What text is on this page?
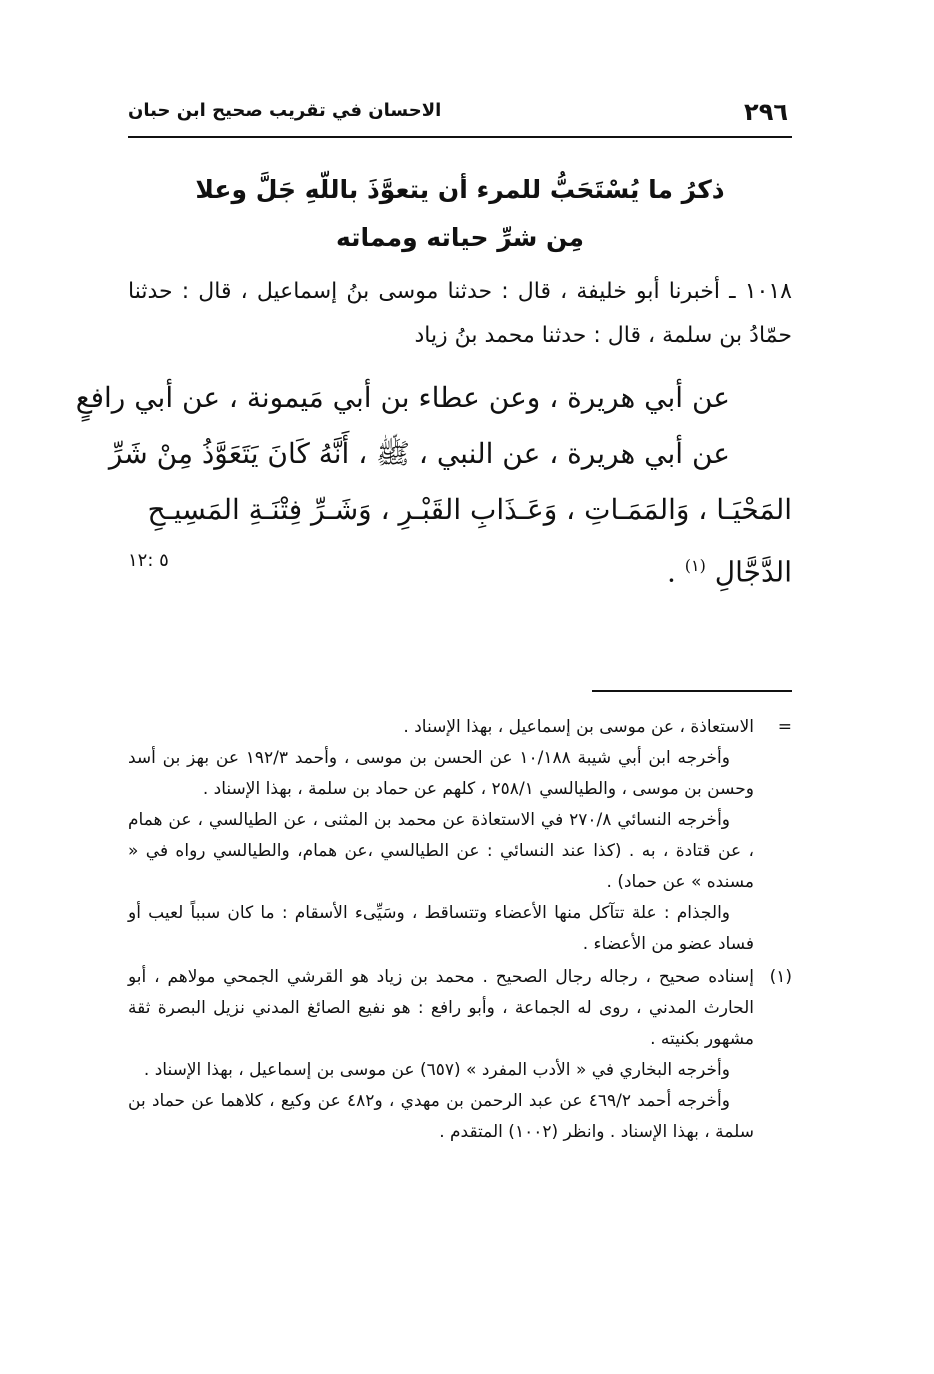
٢٩٦
الاحسان في تقريب صحيح ابن حبان
ذكرُ ما يُسْتَحَبُّ للمرء أن يتعوَّذَ باللّهِ جَلَّ وعلا
مِن شرِّ حياته ومماته
١٠١٨ ـ أخبرنا أبو خليفة ، قال : حدثنا موسى بنُ إسماعيل ، قال : حدثنا حمّادُ بن سلمة ، قال : حدثنا محمد بنُ زياد
عن أبي هريرة ، وعن عطاء بن أبي مَيمونة ، عن أبي رافعٍ
عن أبي هريرة ، عن النبي ، ﷺ ، أَنَّهُ كَانَ يَتَعَوَّذُ مِنْ شَرِّ
المَحْيَـا ، وَالمَمَـاتِ ، وَعَـذَابِ القَبْـرِ ، وَشَـرِّ فِتْنَـةِ المَسِيـحِ
الدَّجَّالِ $^{(١)}$ .
٥ :١٢
=
الاستعاذة ، عن موسى بن إسماعيل ، بهذا الإسناد .
وأخرجه ابن أبي شيبة ١٠/١٨٨ عن الحسن بن موسى ، وأحمد ١٩٢/٣ عن بهز بن أسد وحسن بن موسى ، والطيالسي ٢٥٨/١ ، كلهم عن حماد بن سلمة ، بهذا الإسناد .
وأخرجه النسائي ٢٧٠/٨ في الاستعاذة عن محمد بن المثنى ، عن الطيالسي ، عن همام ، عن قتادة ، به . (كذا عند النسائي : عن الطيالسي ،عن همام، والطيالسي رواه في « مسنده » عن حماد) .
والجذام : علة تتآكل منها الأعضاء وتتساقط ، وسَيِّىء الأسقام : ما كان سبباً لعيب أو فساد عضو من الأعضاء .
(١)
إسناده صحيح ، رجاله رجال الصحيح . محمد بن زياد هو القرشي الجمحي مولاهم ، أبو الحارث المدني ، روى له الجماعة ، وأبو رافع : هو نفيع الصائغ المدني نزيل البصرة ثقة مشهور بكنيته .
وأخرجه البخاري في « الأدب المفرد » (٦٥٧) عن موسى بن إسماعيل ، بهذا الإسناد .
وأخرجه أحمد ٤٦٩/٢ عن عبد الرحمن بن مهدي ، و٤٨٢ عن وكيع ، كلاهما عن حماد بن سلمة ، بهذا الإسناد . وانظر (١٠٠٢) المتقدم .
